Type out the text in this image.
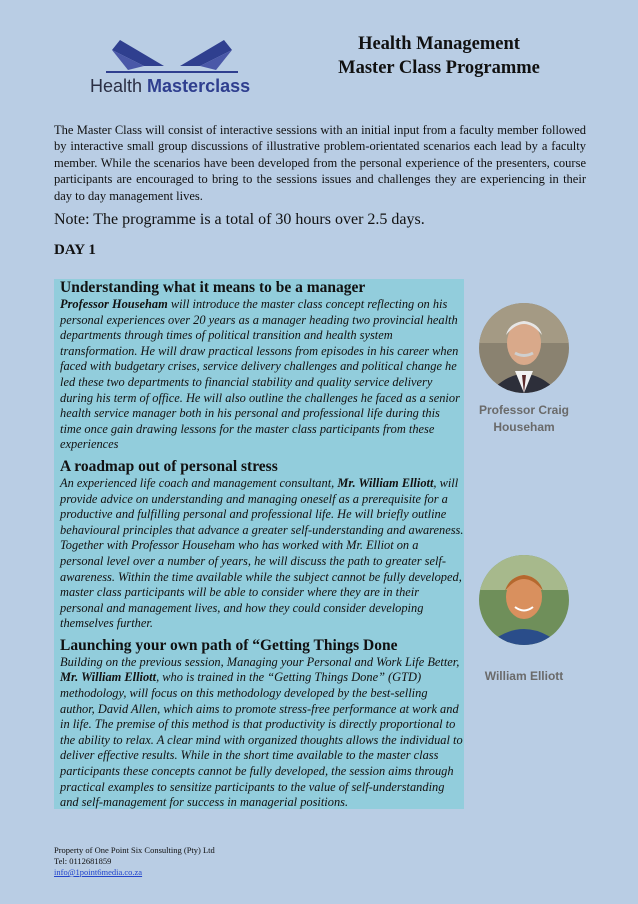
Health Masterclass
Health Management
Master Class Programme

The Master Class will consist of interactive sessions with an initial input from a faculty member followed by interactive small group discussions of illustrative problem-orientated scenarios each lead by a faculty member. While the scenarios have been developed from the personal experience of the presenters, course participants are encouraged to bring to the sessions issues and challenges they are experiencing in their day to day management lives.

Note: The programme is a total of 30 hours over 2.5 days.

DAY 1

Understanding what it means to be a manager

Professor Househam will introduce the master class concept reflecting on his personal experiences over 20 years as a manager heading two provincial health departments through times of political transition and health system transformation. He will draw practical lessons from episodes in his career when faced with budgetary crises, service delivery challenges and political change he led these two departments to financial stability and quality service delivery during his term of office. He will also outline the challenges he faced as a senior health service manager both in his personal and professional life during this time once gain drawing lessons for the master class participants from these experiences

A roadmap out of personal stress

An experienced life coach and management consultant, Mr. William Elliott, will provide advice on understanding and managing oneself as a prerequisite for a productive and fulfilling personal and professional life. He will briefly outline behavioural principles that advance a greater self-understanding and awareness. Together with Professor Househam who has worked with Mr. Elliot on a personal level over a number of years, he will discuss the path to greater self-awareness. Within the time available while the subject cannot be fully developed, master class participants will be able to consider where they are in their personal and management lives, and how they could consider developing themselves further.

Launching your own path of “Getting Things Done

Building on the previous session, Managing your Personal and Work Life Better, Mr. William Elliott, who is trained in the “Getting Things Done” (GTD) methodology, will focus on this methodology developed by the best-selling author, David Allen, which aims to promote stress-free performance at work and in life. The premise of this method is that productivity is directly proportional to the ability to relax. A clear mind with organized thoughts allows the individual to deliver effective results. While in the short time available to the master class participants these concepts cannot be fully developed, the session aims through practical examples to sensitize participants to the value of self-understanding and self-management for success in managerial positions.

Professor Craig
Househam
William Elliott
Property of One Point Six Consulting (Pty) Ltd
Tel: 0112681859
info@1point6media.co.za
